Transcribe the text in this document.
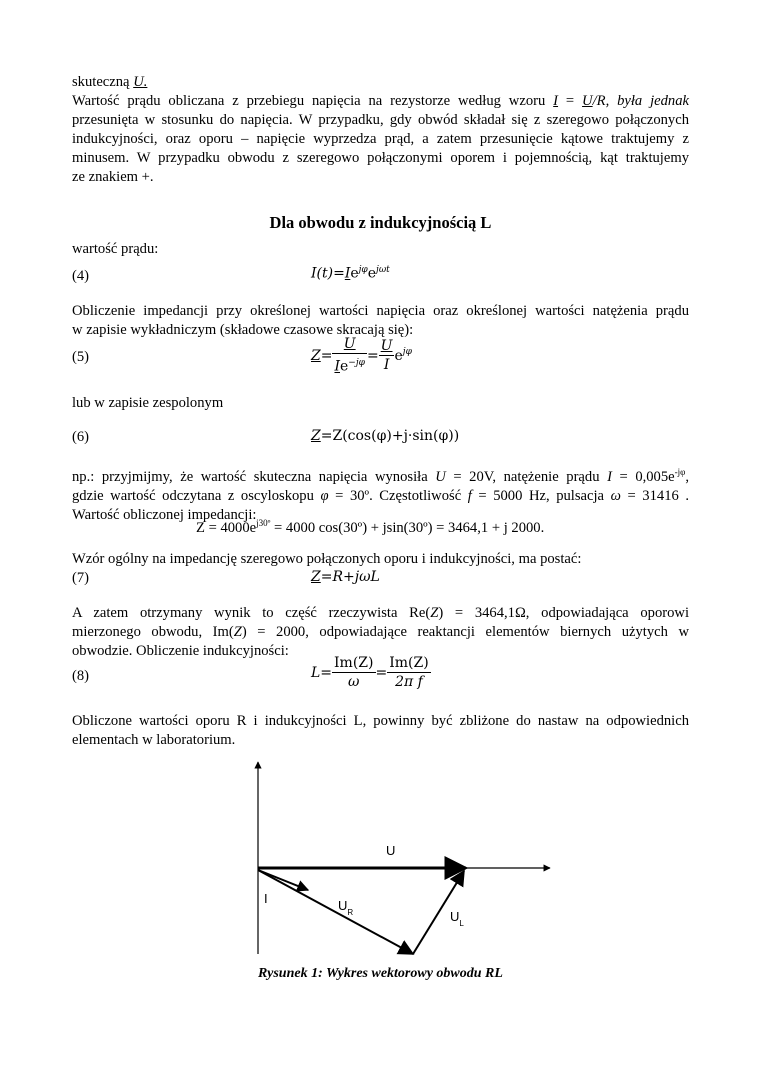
skuteczną U.
Wartość prądu obliczana z przebiegu napięcia na rezystorze według wzoru I = U/R, była jednak
przesunięta w stosunku do napięcia. W przypadku, gdy obwód składał się z szeregowo połączonych
indukcyjności, oraz oporu – napięcie wyprzedza prąd, a zatem przesunięcie kątowe traktujemy z
minusem. W przypadku obwodu z szeregowo połączonymi oporem i pojemnością, kąt traktujemy
ze znakiem +.
Dla obwodu z indukcyjnością L
wartość prądu:
(4)	$I(t)=Ie^{j\varphi}e^{j\omega t}$
Obliczenie impedancji przy określonej wartości napięcia oraz określonej wartości natężenia prądu
w zapisie wykładniczym (składowe czasowe skracają się):
(5)	$Z= \frac{U}{Ie^{-j\varphi}} = \frac{U}{I} e^{j\varphi}$
lub w zapisie zespolonym
(6)	Z=Z(cos(φ)+j·sin(φ))
np.: przyjmijmy, że wartość skuteczna napięcia wynosiła U = 20V, natężenie prądu $I = 0,005e^{-j\varphi}$,
gdzie wartość odczytana z oscyloskopu φ = 30º. Częstotliwość f = 5000 Hz, pulsacja ω = 31416 .
Wartość obliczonej impedancji:
$Z = 4000e^{j30º} = 4000$ cos(30º) + jsin(30º) = 3464,1 + j 2000.
Wzór ogólny na impedancję szeregowo połączonych oporu i indukcyjności, ma postać:
(7)	Z=R+jωL
A zatem otrzymany wynik to część rzeczywista Re(Z) = 3464,1Ω, odpowiadająca oporowi
mierzonego obwodu, Im(Z) = 2000, odpowiadające reaktancji elementów biernych użytych w
obwodzie. Obliczenie indukcyjności:
(8)	$L= \frac{Im(Z)}{\omega} = \frac{Im(Z)}{\text{2π f}}$
Obliczone wartości oporu R i indukcyjności L, powinny być zbliżone do nastaw na odpowiednich
elementach w laboratorium.
U
I	$U_R$	$U_L$
Rysunek 1: Wykres wektorowy obwodu RL
